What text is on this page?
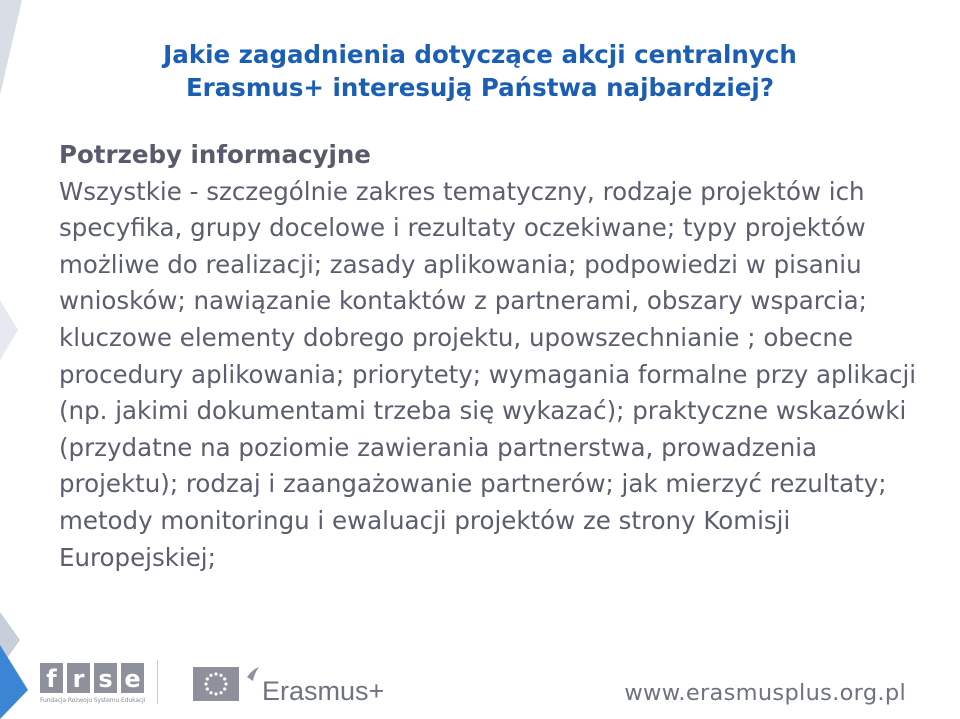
Jakie zagadnienia dotyczące akcji centralnych
Erasmus+ interesują Państwa najbardziej?
Potrzeby informacyjne
Wszystkie - szczególnie zakres tematyczny, rodzaje projektów ich specyfika, grupy docelowe i rezultaty oczekiwane; typy projektów możliwe do realizacji; zasady aplikowania; podpowiedzi w pisaniu wniosków; nawiązanie kontaktów z partnerami, obszary wsparcia; kluczowe elementy dobrego projektu, upowszechnianie ; obecne procedury aplikowania; priorytety; wymagania formalne przy aplikacji (np. jakimi dokumentami trzeba się wykazać); praktyczne wskazówki (przydatne na poziomie zawierania partnerstwa, prowadzenia projektu); rodzaj i zaangażowanie partnerów; jak mierzyć rezultaty; metody monitoringu i ewaluacji projektów ze strony Komisji Europejskiej;
f r s e
Fundacja Rozwoju Systemu Edukacji	Erasmus+	www.erasmusplus.org.pl
